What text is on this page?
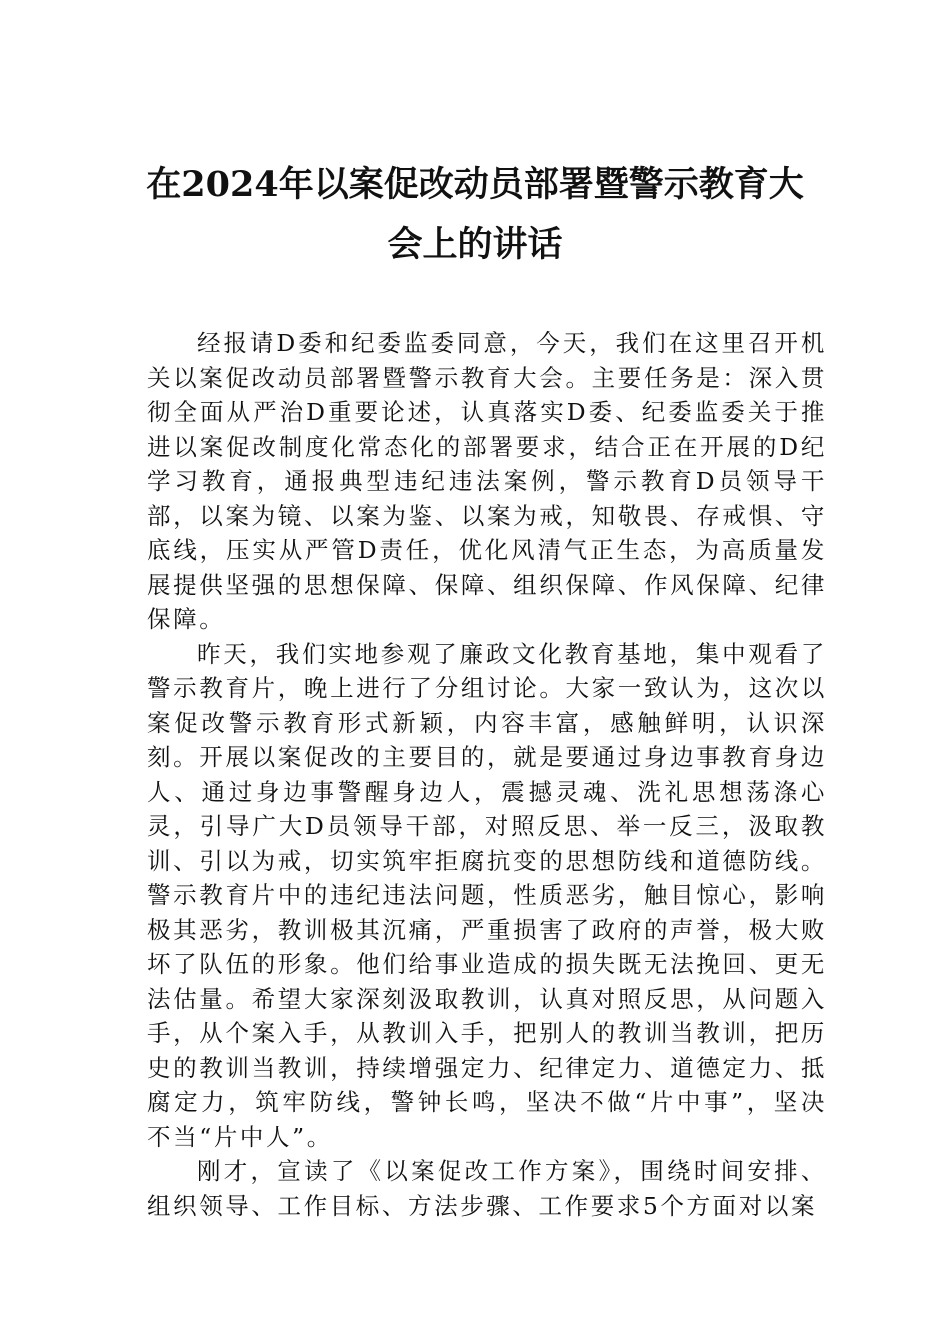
在2024年以案促改动员部署暨警示教育大
会上的讲话

经报请D委和纪委监委同意，今天，我们在这里召开机关以案促改动员部署暨警示教育大会。主要任务是：深入贯彻全面从严治D重要论述，认真落实D委、纪委监委关于推进以案促改制度化常态化的部署要求，结合正在开展的D纪学习教育，通报典型违纪违法案例，警示教育D员领导干部，以案为镜、以案为鉴、以案为戒，知敬畏、存戒惧、守底线，压实从严管D责任，优化风清气正生态，为高质量发展提供坚强的思想保障、保障、组织保障、作风保障、纪律保障。

昨天，我们实地参观了廉政文化教育基地，集中观看了警示教育片，晚上进行了分组讨论。大家一致认为，这次以案促改警示教育形式新颖，内容丰富，感触鲜明，认识深刻。开展以案促改的主要目的，就是要通过身边事教育身边人、通过身边事警醒身边人，震撼灵魂、洗礼思想荡涤心灵，引导广大D员领导干部，对照反思、举一反三，汲取教训、引以为戒，切实筑牢拒腐抗变的思想防线和道德防线。警示教育片中的违纪违法问题，性质恶劣，触目惊心，影响极其恶劣，教训极其沉痛，严重损害了政府的声誉，极大败坏了队伍的形象。他们给事业造成的损失既无法挽回、更无法估量。希望大家深刻汲取教训，认真对照反思，从问题入手，从个案入手，从教训入手，把别人的教训当教训，把历史的教训当教训，持续增强定力、纪律定力、道德定力、抵腐定力，筑牢防线，警钟长鸣，坚决不做“片中事”，坚决不当“片中人”。

刚才，宣读了《以案促改工作方案》，围绕时间安排、组织领导、工作目标、方法步骤、工作要求5个方面对以案
